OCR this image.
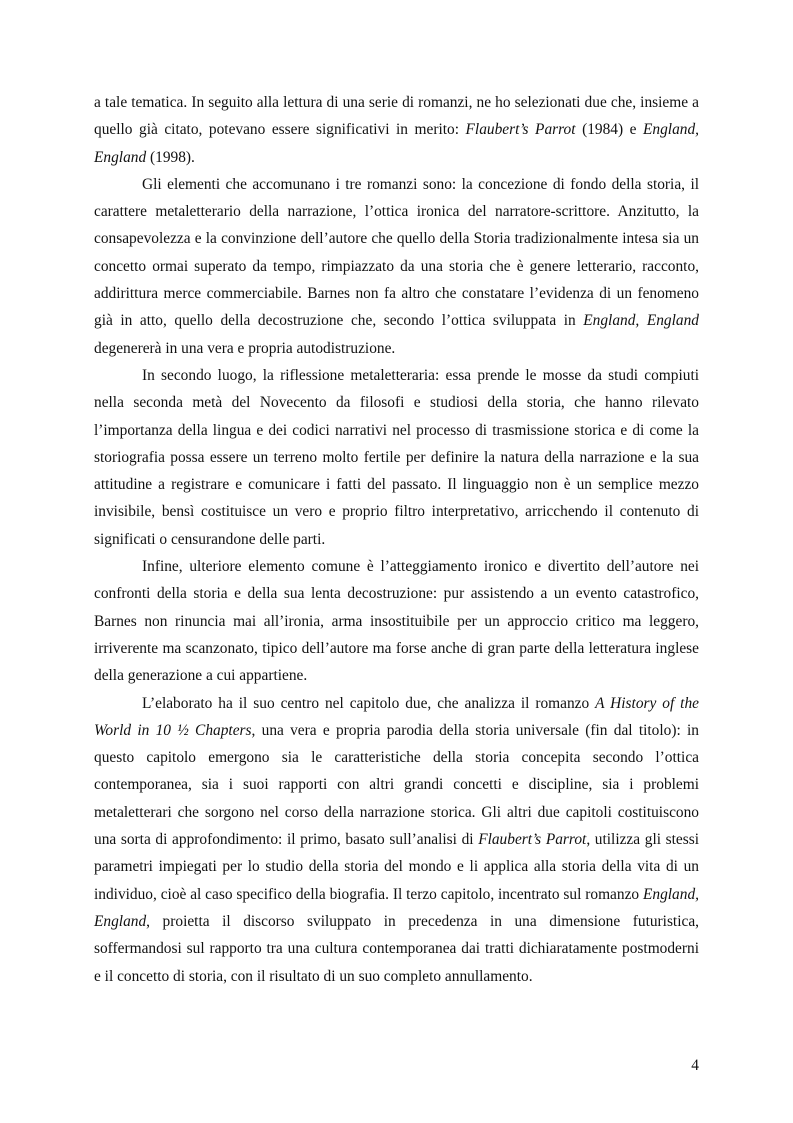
a tale tematica. In seguito alla lettura di una serie di romanzi, ne ho selezionati due che, insieme a quello già citato, potevano essere significativi in merito: Flaubert’s Parrot (1984) e England, England (1998).

Gli elementi che accomunano i tre romanzi sono: la concezione di fondo della storia, il carattere metaletterario della narrazione, l’ottica ironica del narratore-scrittore. Anzitutto, la consapevolezza e la convinzione dell’autore che quello della Storia tradizionalmente intesa sia un concetto ormai superato da tempo, rimpiazzato da una storia che è genere letterario, racconto, addirittura merce commerciabile. Barnes non fa altro che constatare l’evidenza di un fenomeno già in atto, quello della decostruzione che, secondo l’ottica sviluppata in England, England degenererà in una vera e propria autodistruzione.

In secondo luogo, la riflessione metaletteraria: essa prende le mosse da studi compiuti nella seconda metà del Novecento da filosofi e studiosi della storia, che hanno rilevato l’importanza della lingua e dei codici narrativi nel processo di trasmissione storica e di come la storiografia possa essere un terreno molto fertile per definire la natura della narrazione e la sua attitudine a registrare e comunicare i fatti del passato. Il linguaggio non è un semplice mezzo invisibile, bensì costituisce un vero e proprio filtro interpretativo, arricchendo il contenuto di significati o censurandone delle parti.

Infine, ulteriore elemento comune è l’atteggiamento ironico e divertito dell’autore nei confronti della storia e della sua lenta decostruzione: pur assistendo a un evento catastrofico, Barnes non rinuncia mai all’ironia, arma insostituibile per un approccio critico ma leggero, irriverente ma scanzonato, tipico dell’autore ma forse anche di gran parte della letteratura inglese della generazione a cui appartiene.

L’elaborato ha il suo centro nel capitolo due, che analizza il romanzo A History of the World in 10 ½ Chapters, una vera e propria parodia della storia universale (fin dal titolo): in questo capitolo emergono sia le caratteristiche della storia concepita secondo l’ottica contemporanea, sia i suoi rapporti con altri grandi concetti e discipline, sia i problemi metaletterari che sorgono nel corso della narrazione storica. Gli altri due capitoli costituiscono una sorta di approfondimento: il primo, basato sull’analisi di Flaubert’s Parrot, utilizza gli stessi parametri impiegati per lo studio della storia del mondo e li applica alla storia della vita di un individuo, cioè al caso specifico della biografia. Il terzo capitolo, incentrato sul romanzo England, England, proietta il discorso sviluppato in precedenza in una dimensione futuristica, soffermandosi sul rapporto tra una cultura contemporanea dai tratti dichiaratamente postmoderni e il concetto di storia, con il risultato di un suo completo annullamento.

4
